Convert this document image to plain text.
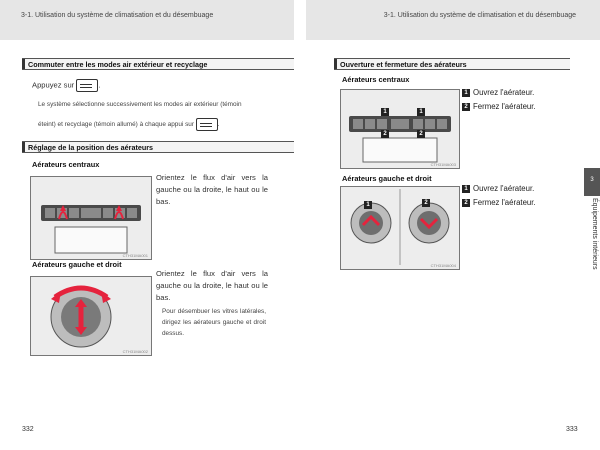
3-1. Utilisation du système de climatisation et du désembuage	3-1. Utilisation du système de climatisation et du désembuage
Commuter entre les modes air extérieur et recyclage
Appuyez sur	.
Le système sélectionne successivement les modes air extérieur (témoin
éteint) et recyclage (témoin allumé) à chaque appui sur	.
Réglage de la position des aérateurs
Aérateurs centraux
CTH31MA001
Orientez le flux d'air vers la gauche ou la droite, le haut ou le bas.
Aérateurs gauche et droit
CTH31MA002
Orientez le flux d'air vers la gauche ou la droite, le haut ou le bas.
Pour désembuer les vitres latérales, dirigez les aérateurs gauche et droit dessus.
332
Ouverture et fermeture des aérateurs
Aérateurs centraux
1
2
1
2
CTH31MA003
1 Ouvrez l'aérateur.
2 Fermez l'aérateur.
Aérateurs gauche et droit
1	2
CTH31MA004
1 Ouvrez l'aérateur.
2 Fermez l'aérateur.
3
Équipements intérieurs
333
